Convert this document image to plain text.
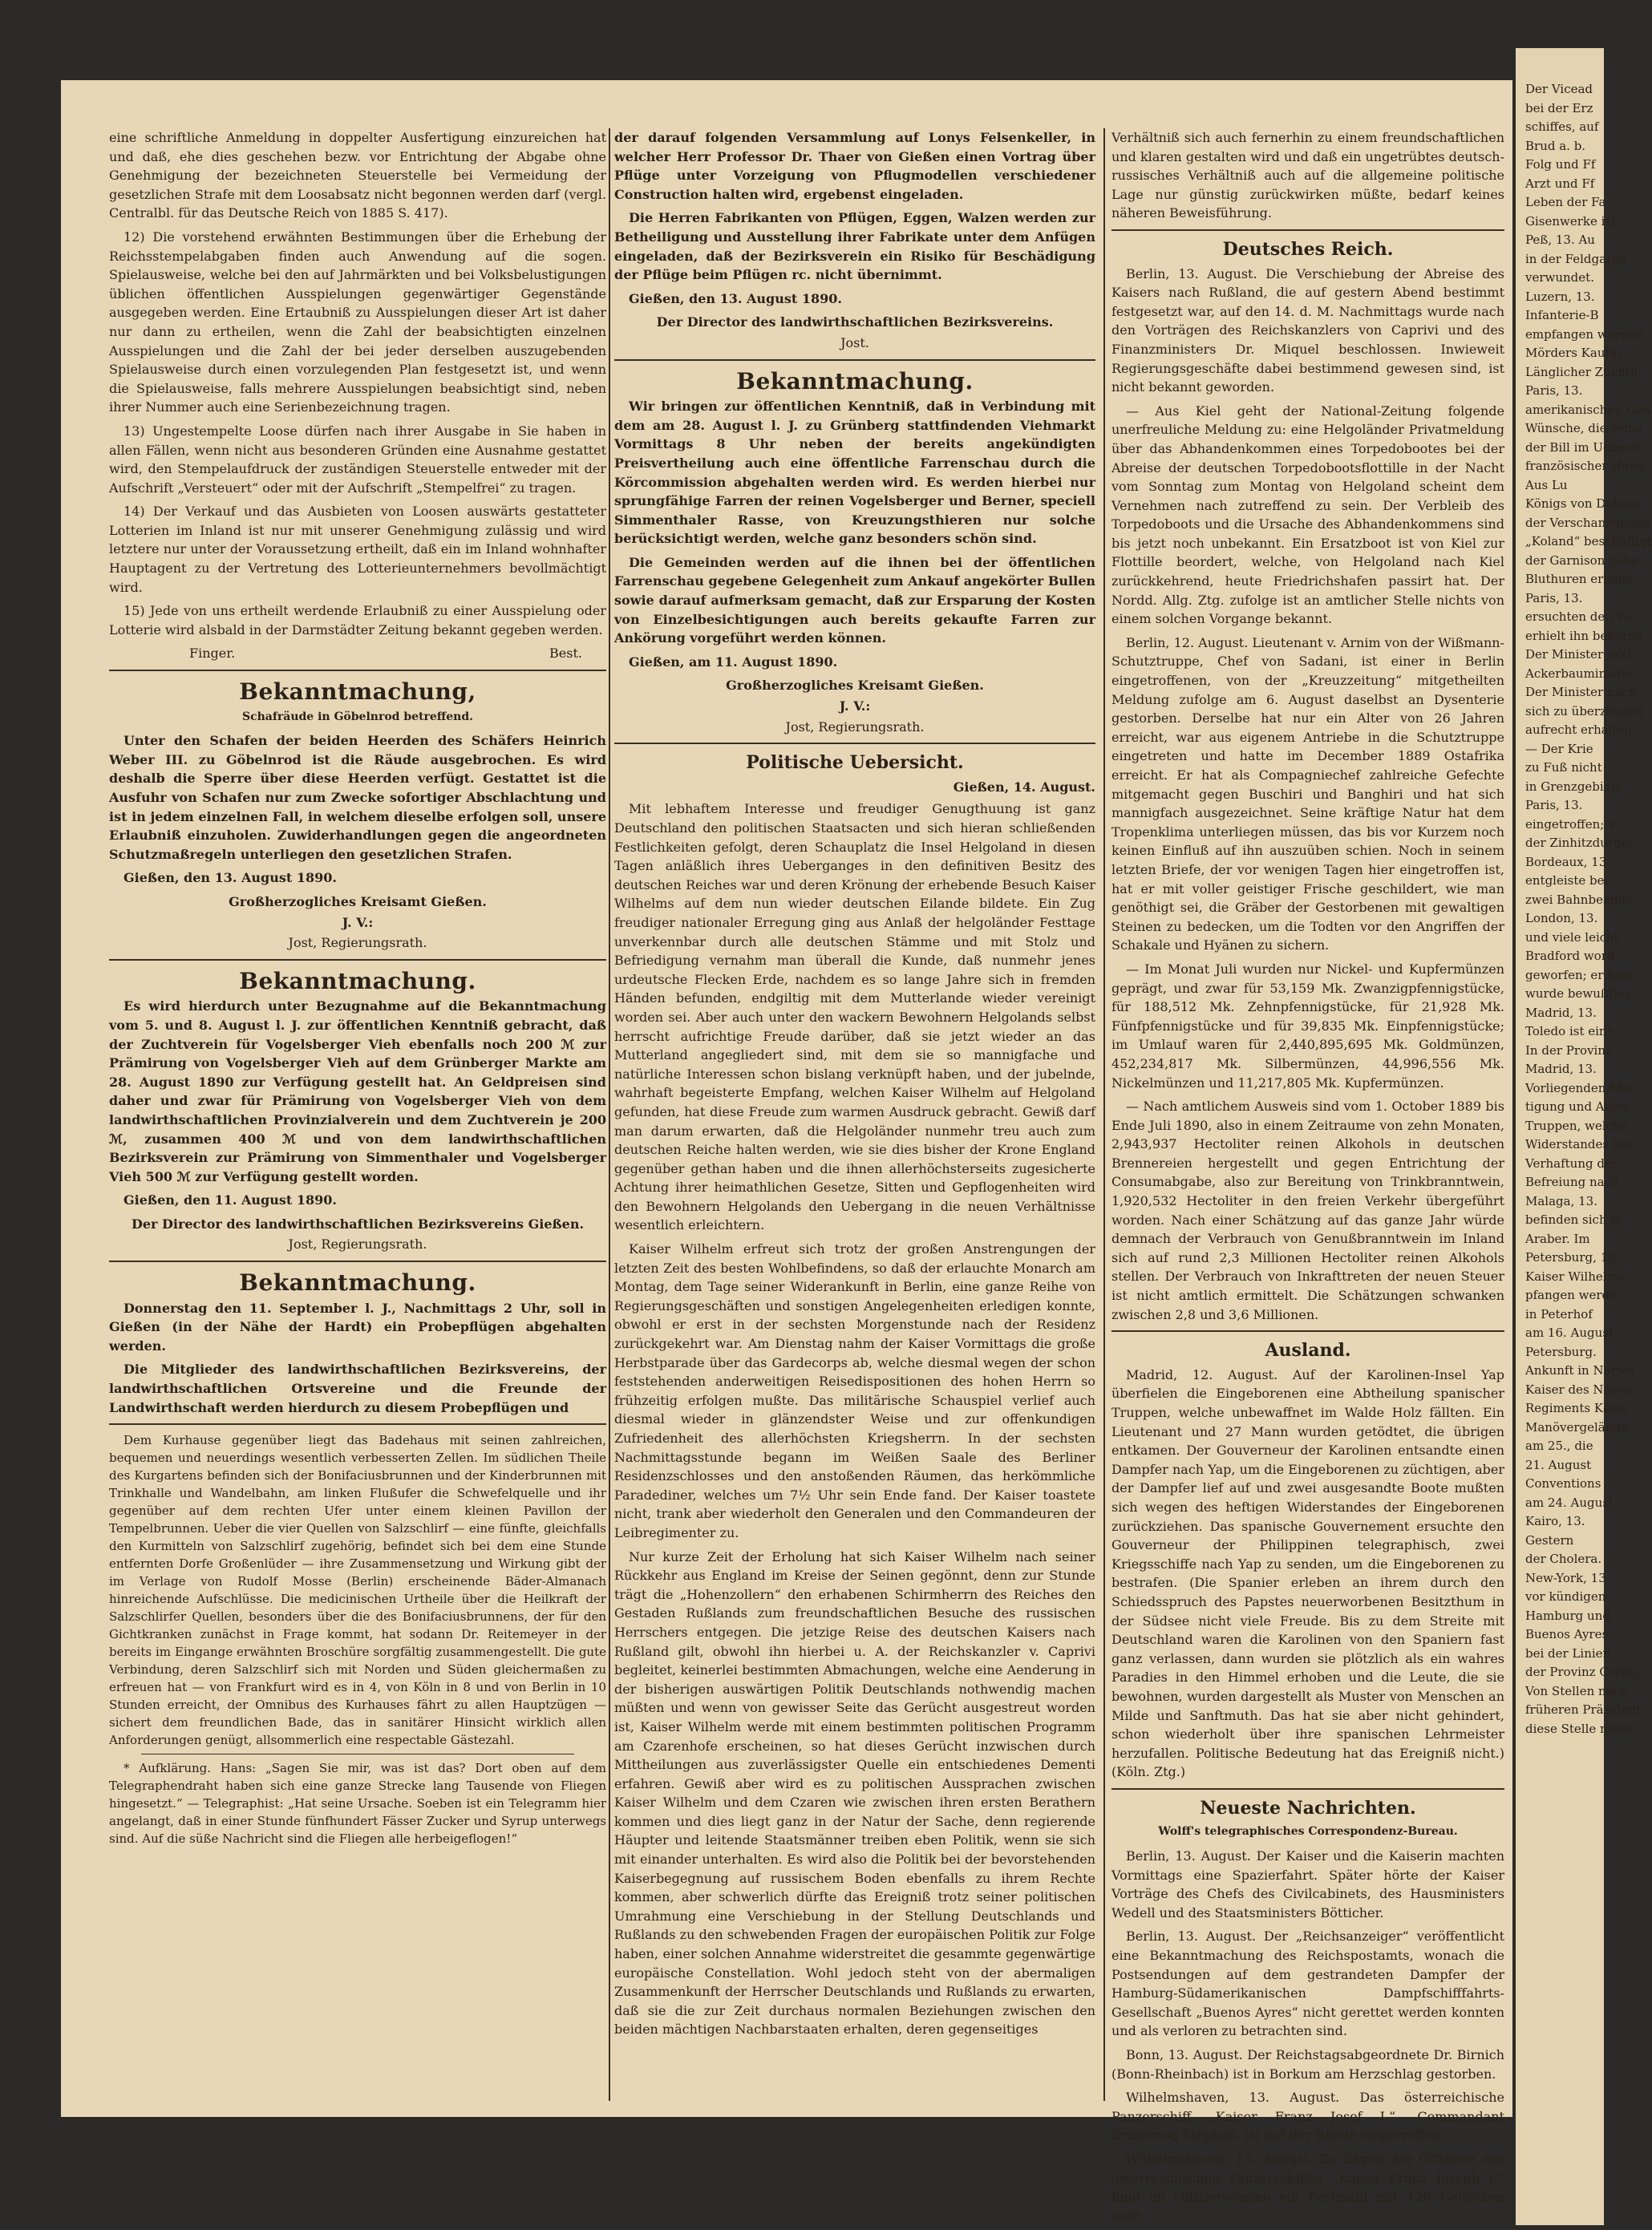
eine schriftliche Anmeldung in doppelter Ausfertigung einzureichen hat und daß, ehe dies geschehen bezw. vor Entrichtung der Abgabe ohne Genehmigung der bezeichneten Steuerstelle bei Vermeidung der gesetzlichen Strafe mit dem Loosabsatz nicht begonnen werden darf (vergl. Centralbl. für das Deutsche Reich von 1885 S. 417).

12) Die vorstehend erwähnten Bestimmungen über die Erhebung der Reichsstempelabgaben finden auch Anwendung auf die sogen. Spielausweise, welche bei den auf Jahrmärkten und bei Volksbelustigungen üblichen öffentlichen Ausspielungen gegenwärtiger Gegenstände ausgegeben werden. Eine Ertaubniß zu Ausspielungen dieser Art ist daher nur dann zu ertheilen, wenn die Zahl der beabsichtigten einzelnen Ausspielungen und die Zahl der bei jeder derselben auszugebenden Spielausweise durch einen vorzulegenden Plan festgesetzt ist, und wenn die Spielausweise, falls mehrere Ausspielungen beabsichtigt sind, neben ihrer Nummer auch eine Serienbezeichnung tragen.

13) Ungestempelte Loose dürfen nach ihrer Ausgabe in Sie haben in allen Fällen, wenn nicht aus besonderen Gründen eine Ausnahme gestattet wird, den Stempelaufdruck der zuständigen Steuerstelle entweder mit der Aufschrift „Versteuert“ oder mit der Aufschrift „Stempelfrei“ zu tragen.

14) Der Verkauf und das Ausbieten von Loosen auswärts gestatteter Lotterien im Inland ist nur mit unserer Genehmigung zulässig und wird letztere nur unter der Voraussetzung ertheilt, daß ein im Inland wohnhafter Hauptagent zu der Vertretung des Lotterieunternehmers bevollmächtigt wird.

15) Jede von uns ertheilt werdende Erlaubniß zu einer Ausspielung oder Lotterie wird alsbald in der Darmstädter Zeitung bekannt gegeben werden.

Finger.	Best.
Bekanntmachung,
Schafräude in Göbelnrod betreffend.

Unter den Schafen der beiden Heerden des Schäfers Heinrich Weber III. zu Göbelnrod ist die Räude ausgebrochen. Es wird deshalb die Sperre über diese Heerden verfügt. Gestattet ist die Ausfuhr von Schafen nur zum Zwecke sofortiger Abschlachtung und ist in jedem einzelnen Fall, in welchem dieselbe erfolgen soll, unsere Erlaubniß einzuholen. Zuwiderhandlungen gegen die angeordneten Schutzmaßregeln unterliegen den gesetzlichen Strafen.

Gießen, den 13. August 1890.

Großherzogliches Kreisamt Gießen.
J. V.:
Jost, Regierungsrath.
Bekanntmachung.

Es wird hierdurch unter Bezugnahme auf die Bekanntmachung vom 5. und 8. August l. J. zur öffentlichen Kenntniß gebracht, daß der Zuchtverein für Vogelsberger Vieh ebenfalls noch 200 ℳ zur Prämirung von Vogelsberger Vieh auf dem Grünberger Markte am 28. August 1890 zur Verfügung gestellt hat. An Geldpreisen sind daher und zwar für Prämirung von Vogelsberger Vieh von dem landwirthschaftlichen Provinzialverein und dem Zuchtverein je 200 ℳ, zusammen 400 ℳ und von dem landwirthschaftlichen Bezirksverein zur Prämirung von Simmenthaler und Vogelsberger Vieh 500 ℳ zur Verfügung gestellt worden.

Gießen, den 11. August 1890.

Der Director des landwirthschaftlichen Bezirksvereins Gießen.
Jost, Regierungsrath.
Bekanntmachung.

Donnerstag den 11. September l. J., Nachmittags 2 Uhr, soll in Gießen (in der Nähe der Hardt) ein Probepflügen abgehalten werden.

Die Mitglieder des landwirthschaftlichen Bezirksvereins, der landwirthschaftlichen Ortsvereine und die Freunde der Landwirthschaft werden hierdurch zu diesem Probepflügen und

Dem Kurhause gegenüber liegt das Badehaus mit seinen zahlreichen, bequemen und neuerdings wesentlich verbesserten Zellen. Im südlichen Theile des Kurgartens befinden sich der Bonifaciusbrunnen und der Kinderbrunnen mit Trinkhalle und Wandelbahn, am linken Flußufer die Schwefelquelle und ihr gegenüber auf dem rechten Ufer unter einem kleinen Pavillon der Tempelbrunnen. Ueber die vier Quellen von Salzschlirf — eine fünfte, gleichfalls den Kurmitteln von Salzschlirf zugehörig, befindet sich bei dem eine Stunde entfernten Dorfe Großenlüder — ihre Zusammensetzung und Wirkung gibt der im Verlage von Rudolf Mosse (Berlin) erscheinende Bäder-Almanach hinreichende Aufschlüsse. Die medicinischen Urtheile über die Heilkraft der Salzschlirfer Quellen, besonders über die des Bonifaciusbrunnens, der für den Gichtkranken zunächst in Frage kommt, hat sodann Dr. Reitemeyer in der bereits im Eingange erwähnten Broschüre sorgfältig zusammengestellt. Die gute Verbindung, deren Salzschlirf sich mit Norden und Süden gleichermaßen zu erfreuen hat — von Frankfurt wird es in 4, von Köln in 8 und von Berlin in 10 Stunden erreicht, der Omnibus des Kurhauses fährt zu allen Hauptzügen — sichert dem freundlichen Bade, das in sanitärer Hinsicht wirklich allen Anforderungen genügt, allsommerlich eine respectable Gästezahl.

* Aufklärung. Hans: „Sagen Sie mir, was ist das? Dort oben auf dem Telegraphendraht haben sich eine ganze Strecke lang Tausende von Fliegen hingesetzt.“ — Telegraphist: „Hat seine Ursache. Soeben ist ein Telegramm hier angelangt, daß in einer Stunde fünfhundert Fässer Zucker und Syrup unterwegs sind. Auf die süße Nachricht sind die Fliegen alle herbeigeflogen!“

der darauf folgenden Versammlung auf Lonys Felsenkeller, in welcher Herr Professor Dr. Thaer von Gießen einen Vortrag über Pflüge unter Vorzeigung von Pflugmodellen verschiedener Construction halten wird, ergebenst eingeladen.

Die Herren Fabrikanten von Pflügen, Eggen, Walzen werden zur Betheiligung und Ausstellung ihrer Fabrikate unter dem Anfügen eingeladen, daß der Bezirksverein ein Risiko für Beschädigung der Pflüge beim Pflügen rc. nicht übernimmt.

Gießen, den 13. August 1890.

Der Director des landwirthschaftlichen Bezirksvereins.
Jost.
Bekanntmachung.

Wir bringen zur öffentlichen Kenntniß, daß in Verbindung mit dem am 28. August l. J. zu Grünberg stattfindenden Viehmarkt Vormittags 8 Uhr neben der bereits angekündigten Preisvertheilung auch eine öffentliche Farrenschau durch die Körcommission abgehalten werden wird. Es werden hierbei nur sprungfähige Farren der reinen Vogelsberger und Berner, speciell Simmenthaler Rasse, von Kreuzungsthieren nur solche berücksichtigt werden, welche ganz besonders schön sind.

Die Gemeinden werden auf die ihnen bei der öffentlichen Farrenschau gegebene Gelegenheit zum Ankauf angekörter Bullen sowie darauf aufmerksam gemacht, daß zur Ersparung der Kosten von Einzelbesichtigungen auch bereits gekaufte Farren zur Ankörung vorgeführt werden können.

Gießen, am 11. August 1890.

Großherzogliches Kreisamt Gießen.
J. V.:
Jost, Regierungsrath.
Politische Uebersicht.
Gießen, 14. August.

Mit lebhaftem Interesse und freudiger Genugthuung ist ganz Deutschland den politischen Staatsacten und sich hieran schließenden Festlichkeiten gefolgt, deren Schauplatz die Insel Helgoland in diesen Tagen anläßlich ihres Ueberganges in den definitiven Besitz des deutschen Reiches war und deren Krönung der erhebende Besuch Kaiser Wilhelms auf dem nun wieder deutschen Eilande bildete. Ein Zug freudiger nationaler Erregung ging aus Anlaß der helgoländer Festtage unverkennbar durch alle deutschen Stämme und mit Stolz und Befriedigung vernahm man überall die Kunde, daß nunmehr jenes urdeutsche Flecken Erde, nachdem es so lange Jahre sich in fremden Händen befunden, endgiltig mit dem Mutterlande wieder vereinigt worden sei. Aber auch unter den wackern Bewohnern Helgolands selbst herrscht aufrichtige Freude darüber, daß sie jetzt wieder an das Mutterland angegliedert sind, mit dem sie so mannigfache und natürliche Interessen schon bislang verknüpft haben, und der jubelnde, wahrhaft begeisterte Empfang, welchen Kaiser Wilhelm auf Helgoland gefunden, hat diese Freude zum warmen Ausdruck gebracht. Gewiß darf man darum erwarten, daß die Helgoländer nunmehr treu auch zum deutschen Reiche halten werden, wie sie dies bisher der Krone England gegenüber gethan haben und die ihnen allerhöchsterseits zugesicherte Achtung ihrer heimathlichen Gesetze, Sitten und Gepflogenheiten wird den Bewohnern Helgolands den Uebergang in die neuen Verhältnisse wesentlich erleichtern.

Kaiser Wilhelm erfreut sich trotz der großen Anstrengungen der letzten Zeit des besten Wohlbefindens, so daß der erlauchte Monarch am Montag, dem Tage seiner Widerankunft in Berlin, eine ganze Reihe von Regierungsgeschäften und sonstigen Angelegenheiten erledigen konnte, obwohl er erst in der sechsten Morgenstunde nach der Residenz zurückgekehrt war. Am Dienstag nahm der Kaiser Vormittags die große Herbstparade über das Gardecorps ab, welche diesmal wegen der schon feststehenden anderweitigen Reisedispositionen des hohen Herrn so frühzeitig erfolgen mußte. Das militärische Schauspiel verlief auch diesmal wieder in glänzendster Weise und zur offenkundigen Zufriedenheit des allerhöchsten Kriegsherrn. In der sechsten Nachmittagsstunde begann im Weißen Saale des Berliner Residenzschlosses und den anstoßenden Räumen, das herkömmliche Paradediner, welches um 7½ Uhr sein Ende fand. Der Kaiser toastete nicht, trank aber wiederholt den Generalen und den Commandeuren der Leibregimenter zu.

Nur kurze Zeit der Erholung hat sich Kaiser Wilhelm nach seiner Rückkehr aus England im Kreise der Seinen gegönnt, denn zur Stunde trägt die „Hohenzollern“ den erhabenen Schirmherrn des Reiches den Gestaden Rußlands zum freundschaftlichen Besuche des russischen Herrschers entgegen. Die jetzige Reise des deutschen Kaisers nach Rußland gilt, obwohl ihn hierbei u. A. der Reichskanzler v. Caprivi begleitet, keinerlei bestimmten Abmachungen, welche eine Aenderung in der bisherigen auswärtigen Politik Deutschlands nothwendig machen müßten und wenn von gewisser Seite das Gerücht ausgestreut worden ist, Kaiser Wilhelm werde mit einem bestimmten politischen Programm am Czarenhofe erscheinen, so hat dieses Gerücht inzwischen durch Mittheilungen aus zuverlässigster Quelle ein entschiedenes Dementi erfahren. Gewiß aber wird es zu politischen Aussprachen zwischen Kaiser Wilhelm und dem Czaren wie zwischen ihren ersten Berathern kommen und dies liegt ganz in der Natur der Sache, denn regierende Häupter und leitende Staatsmänner treiben eben Politik, wenn sie sich mit einander unterhalten. Es wird also die Politik bei der bevorstehenden Kaiserbegegnung auf russischem Boden ebenfalls zu ihrem Rechte kommen, aber schwerlich dürfte das Ereigniß trotz seiner politischen Umrahmung eine Verschiebung in der Stellung Deutschlands und Rußlands zu den schwebenden Fragen der europäischen Politik zur Folge haben, einer solchen Annahme widerstreitet die gesammte gegenwärtige europäische Constellation. Wohl jedoch steht von der abermaligen Zusammenkunft der Herrscher Deutschlands und Rußlands zu erwarten, daß sie die zur Zeit durchaus normalen Beziehungen zwischen den beiden mächtigen Nachbarstaaten erhalten, deren gegenseitiges

Verhältniß sich auch fernerhin zu einem freundschaftlichen und klaren gestalten wird und daß ein ungetrübtes deutsch-russisches Verhältniß auch auf die allgemeine politische Lage nur günstig zurückwirken müßte, bedarf keines näheren Beweisführung.

Deutsches Reich.

Berlin, 13. August. Die Verschiebung der Abreise des Kaisers nach Rußland, die auf gestern Abend bestimmt festgesetzt war, auf den 14. d. M. Nachmittags wurde nach den Vorträgen des Reichskanzlers von Caprivi und des Finanzministers Dr. Miquel beschlossen. Inwieweit Regierungsgeschäfte dabei bestimmend gewesen sind, ist nicht bekannt geworden.

— Aus Kiel geht der National-Zeitung folgende unerfreuliche Meldung zu: eine Helgoländer Privatmeldung über das Abhandenkommen eines Torpedobootes bei der Abreise der deutschen Torpedobootsflottille in der Nacht vom Sonntag zum Montag von Helgoland scheint dem Vernehmen nach zutreffend zu sein. Der Verbleib des Torpedoboots und die Ursache des Abhandenkommens sind bis jetzt noch unbekannt. Ein Ersatzboot ist von Kiel zur Flottille beordert, welche, von Helgoland nach Kiel zurückkehrend, heute Friedrichshafen passirt hat. Der Nordd. Allg. Ztg. zufolge ist an amtlicher Stelle nichts von einem solchen Vorgange bekannt.

Berlin, 12. August. Lieutenant v. Arnim von der Wißmann-Schutztruppe, Chef von Sadani, ist einer in Berlin eingetroffenen, von der „Kreuzzeitung“ mitgetheilten Meldung zufolge am 6. August daselbst an Dysenterie gestorben. Derselbe hat nur ein Alter von 26 Jahren erreicht, war aus eigenem Antriebe in die Schutztruppe eingetreten und hatte im December 1889 Ostafrika erreicht. Er hat als Compagniechef zahlreiche Gefechte mitgemacht gegen Buschiri und Banghiri und hat sich mannigfach ausgezeichnet. Seine kräftige Natur hat dem Tropenklima unterliegen müssen, das bis vor Kurzem noch keinen Einfluß auf ihn auszuüben schien. Noch in seinem letzten Briefe, der vor wenigen Tagen hier eingetroffen ist, hat er mit voller geistiger Frische geschildert, wie man genöthigt sei, die Gräber der Gestorbenen mit gewaltigen Steinen zu bedecken, um die Todten vor den Angriffen der Schakale und Hyänen zu sichern.

— Im Monat Juli wurden nur Nickel- und Kupfermünzen geprägt, und zwar für 53,159 Mk. Zwanzigpfennigstücke, für 188,512 Mk. Zehnpfennigstücke, für 21,928 Mk. Fünfpfennigstücke und für 39,835 Mk. Einpfennigstücke; im Umlauf waren für 2,440,895,695 Mk. Goldmünzen, 452,234,817 Mk. Silbermünzen, 44,996,556 Mk. Nickelmünzen und 11,217,805 Mk. Kupfermünzen.

— Nach amtlichem Ausweis sind vom 1. October 1889 bis Ende Juli 1890, also in einem Zeitraume von zehn Monaten, 2,943,937 Hectoliter reinen Alkohols in deutschen Brennereien hergestellt und gegen Entrichtung der Consumabgabe, also zur Bereitung von Trinkbranntwein, 1,920,532 Hectoliter in den freien Verkehr übergeführt worden. Nach einer Schätzung auf das ganze Jahr würde demnach der Verbrauch von Genußbranntwein im Inland sich auf rund 2,3 Millionen Hectoliter reinen Alkohols stellen. Der Verbrauch von Inkrafttreten der neuen Steuer ist nicht amtlich ermittelt. Die Schätzungen schwanken zwischen 2,8 und 3,6 Millionen.

Ausland.

Madrid, 12. August. Auf der Karolinen-Insel Yap überfielen die Eingeborenen eine Abtheilung spanischer Truppen, welche unbewaffnet im Walde Holz fällten. Ein Lieutenant und 27 Mann wurden getödtet, die übrigen entkamen. Der Gouverneur der Karolinen entsandte einen Dampfer nach Yap, um die Eingeborenen zu züchtigen, aber der Dampfer lief auf und zwei ausgesandte Boote mußten sich wegen des heftigen Widerstandes der Eingeborenen zurückziehen. Das spanische Gouvernement ersuchte den Gouverneur der Philippinen telegraphisch, zwei Kriegsschiffe nach Yap zu senden, um die Eingeborenen zu bestrafen. (Die Spanier erleben an ihrem durch den Schiedsspruch des Papstes neuerworbenen Besitzthum in der Südsee nicht viele Freude. Bis zu dem Streite mit Deutschland waren die Karolinen von den Spaniern fast ganz verlassen, dann wurden sie plötzlich als ein wahres Paradies in den Himmel erhoben und die Leute, die sie bewohnen, wurden dargestellt als Muster von Menschen an Milde und Sanftmuth. Das hat sie aber nicht gehindert, schon wiederholt über ihre spanischen Lehrmeister herzufallen. Politische Bedeutung hat das Ereigniß nicht.) (Köln. Ztg.)

Neueste Nachrichten.
Wolff's telegraphisches Correspondenz-Bureau.

Berlin, 13. August. Der Kaiser und die Kaiserin machten Vormittags eine Spazierfahrt. Später hörte der Kaiser Vorträge des Chefs des Civilcabinets, des Hausministers Wedell und des Staatsministers Bötticher.

Berlin, 13. August. Der „Reichsanzeiger“ veröffentlicht eine Bekanntmachung des Reichspostamts, wonach die Postsendungen auf dem gestrandeten Dampfer der Hamburg-Südamerikanischen Dampfschifffahrts-Gesellschaft „Buenos Ayres“ nicht gerettet werden konnten und als verloren zu betrachten sind.

Bonn, 13. August. Der Reichstagsabgeordnete Dr. Birnich (Bonn-Rheinbach) ist in Borkum am Herzschlag gestorben.

Wilhelmshaven, 13. August. Das österreichische Panzerschiff „Kaiser Franz Josef I.“, Commandant Erzherzog Stephan, ist auf der Rhede eingetroffen.

Wilhelmshaven, 13. August. Zu Ehren der Offiziere des österreichischen Panzerschiffes „Kaiser Franz Joseph I.“ fand im Offizierscasino ein Festmahl mit 120 Gedecken statt.

Der Vicead
bei der Erz
schiffes, auf
Brud a. b.
Folg und Ff
Arzt und Ff
Leben der Fa
Gisenwerke ist
Peß, 13. Au
in der Feldgarde
verwundet.
Luzern, 13.
Infanterie-B
empfangen worden
Mörders Kaufm
Länglicher Zuchth
Paris, 13.
amerikanischen Gen
Wünsche, die seine
der Bill im Ueberei
französischer Hand
Aus Lu
Königs von Dahom
der Verschanzungen
„Koland“ beschäftigt
der Garnison gabe
Bluthuren erleide
Paris, 13.
ersuchten den Pa
erhielt ihn behorde
Der Minister erkl
Ackerbauminister
Der Minister nach
sich zu überzeugen
aufrecht erhalten.
— Der Krie
zu Fuß nicht
in Grenzgebiete
Paris, 13.
eingetroffen; v
der Zinhitzdurdel
Bordeaux, 13.
entgleiste bei
zwei Bahnbeamte
London, 13.
und viele leicht
Bradford word
geworfen; er kam
wurde bewußtlos
Madrid, 13.
Toledo ist eine
In der Provinz
Madrid, 13.
Vorliegenden Mel
tigung und Ausw
Truppen, welche
Widerstandes bei
Verhaftung der
Befreiung nach
Malaga, 13.
befinden sich in
Araber. Im
Petersburg, 13.
Kaiser Wilhelms
pfangen werde,
in Peterhof
am 16. August
Petersburg.
Ankunft in Narwa
Kaiser des Narwa
Regiments Kaise
Manövergelände,
am 25., die
21. August
Conventions
am 24. August
Kairo, 13.
Gestern
der Cholera.
New-York, 13.
vor kündigen
Hamburg und
Buenos Ayres,
bei der Linien
der Provinz Cordo
Von Stellen nach
früheren Präsident
diese Stelle niede
